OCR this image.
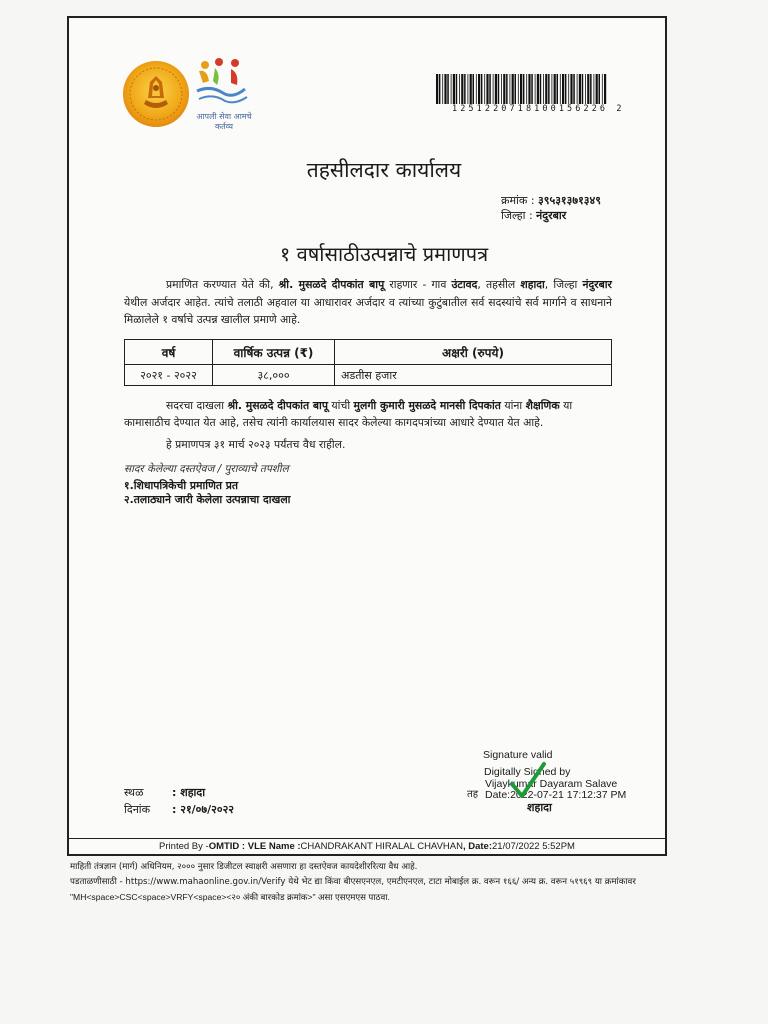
आपली सेवा आमचे कर्तव्य
1251220718100156226 2
तहसीलदार कार्यालय
क्रमांक : ३९५३१३७१३४९
जिल्हा : नंदुरबार
१ वर्षासाठीउत्पन्नाचे प्रमाणपत्र
प्रमाणित करण्यात येते की, श्री. मुसळदे दीपकांत बापू राहणार - गाव उंटावद, तहसील शहादा, जिल्हा नंदुरबार येथील अर्जदार आहेत. त्यांचे तलाठी अहवाल या आधारावर अर्जदार व त्यांच्या कुटुंबातील सर्व सदस्यांचे सर्व मार्गाने व साधनाने मिळालेले १ वर्षाचे उत्पन्न खालील प्रमाणे आहे.
वर्ष	वार्षिक उत्पन्न (₹)	अक्षरी (रुपये)
२०२१ - २०२२	३८,०००	अडतीस हजार
सदरचा दाखला श्री. मुसळदे दीपकांत बापू यांची मुलगी कुमारी मुसळदे मानसी दिपकांत यांना शैक्षणिक या कामासाठीच देण्यात येत आहे, तसेच त्यांनी कार्यालयास सादर केलेल्या कागदपत्रांच्या आधारे देण्यात येत आहे.
हे प्रमाणपत्र ३१ मार्च २०२३ पर्यंतच वैध राहील.
सादर केलेल्या दस्तऐवज / पुराव्याचे तपशील
१.शिधापत्रिकेची प्रमाणित प्रत
२.तलाठ्याने जारी केलेला उत्पन्नाचा दाखला
स्थळ	: शहादा
दिनांक : २१/०७/२०२२
Signature valid
Digitally Signed by
Vijaykumar Dayaram Salave
Date:2022-07-21 17:12:37 PM
तह
शहादा
Printed By -OMTID : VLE Name :CHANDRAKANT HIRALAL CHAVHAN, Date:21/07/2022 5:52PM
माहिती तंत्रज्ञान (मार्ग) अधिनियम, २००० नुसार डिजीटल स्वाक्षरी असणारा हा दस्तऐवज कायदेशीररित्या वैध आहे.
पडताळणीसाठी - https://www.mahaonline.gov.in/Verify येथे भेट द्या किंवा बीएसएनएल, एमटीएनएल, टाटा मोबाईल क्र. वरून १६६/ अन्य क्र. वरून ५१९६९ या क्रमांकावर
"MH<space>CSC<space>VRFY<space><२० अंकी बारकोड क्रमांक>" असा एसएमएस पाठवा.
